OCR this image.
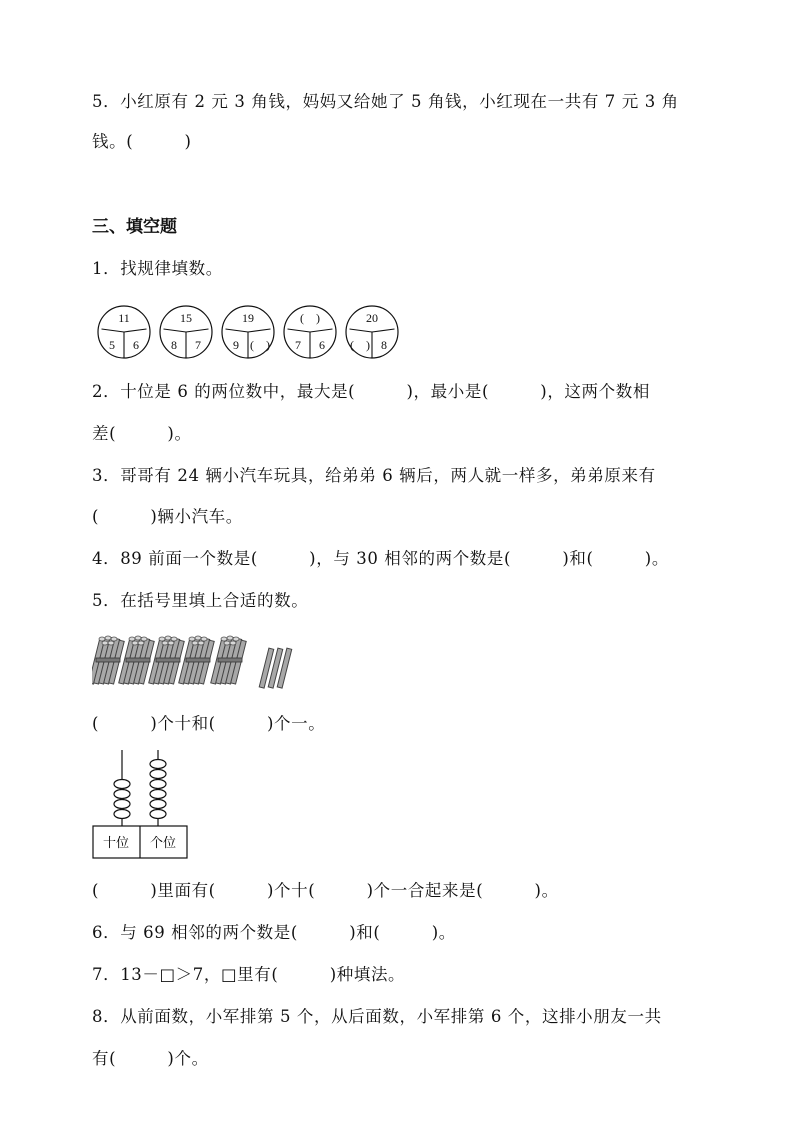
5．小红原有 2 元 3 角钱，妈妈又给她了 5 角钱，小红现在一共有 7 元 3 角
钱。(　　　)
三、填空题
1．找规律填数。
11
5 6
15
8 7
19
9 (　)
(　)
7 6
20
(　) 8
2．十位是 6 的两位数中，最大是(　　　)，最小是(　　　)，这两个数相
差(　　　)。
3．哥哥有 24 辆小汽车玩具，给弟弟 6 辆后，两人就一样多，弟弟原来有
(　　　)辆小汽车。
4．89 前面一个数是(　　　)，与 30 相邻的两个数是(　　　)和(　　　)。
5．在括号里填上合适的数。
(　　　)个十和(　　　)个一。
十位 个位
(　　　)里面有(　　　)个十(　　　)个一合起来是(　　　)。
6．与 69 相邻的两个数是(　　　)和(　　　)。
7．13－□＞7，□里有(　　　)种填法。
8．从前面数，小军排第 5 个，从后面数，小军排第 6 个，这排小朋友一共
有(　　　)个。
